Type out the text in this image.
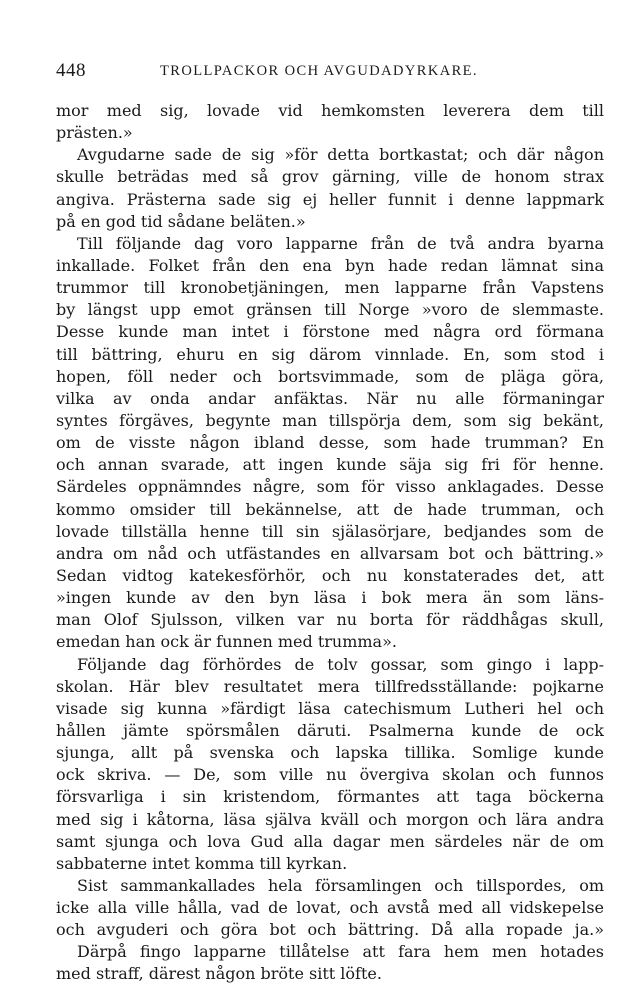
448	TROLLPACKOR OCH AVGUDADYRKARE.
mor med sig, lovade vid hemkomsten leverera dem till
prästen.»
Avgudarne sade de sig »för detta bortkastat; och där någon
skulle beträdas med så grov gärning, ville de honom strax
angiva. Prästerna sade sig ej heller funnit i denne lappmark
på en god tid sådane beläten.»
Till följande dag voro lapparne från de två andra byarna
inkallade. Folket från den ena byn hade redan lämnat sina
trummor till kronobetjäningen, men lapparne från Vapstens
by längst upp emot gränsen till Norge »voro de slemmaste.
Desse kunde man intet i förstone med några ord förmana
till bättring, ehuru en sig därom vinnlade. En, som stod i
hopen, föll neder och bortsvimmade, som de pläga göra,
vilka av onda andar anfäktas. När nu alle förmaningar
syntes förgäves, begynte man tillspörja dem, som sig bekänt,
om de visste någon ibland desse, som hade trumman? En
och annan svarade, att ingen kunde säja sig fri för henne.
Särdeles oppnämndes någre, som för visso anklagades. Desse
kommo omsider till bekännelse, att de hade trumman, och
lovade tillställa henne till sin själasörjare, bedjandes som de
andra om nåd och utfästandes en allvarsam bot och bättring.»
Sedan vidtog katekesförhör, och nu konstaterades det, att
»ingen kunde av den byn läsa i bok mera än som läns-
man Olof Sjulsson, vilken var nu borta för räddhågas skull,
emedan han ock är funnen med trumma».
Följande dag förhördes de tolv gossar, som gingo i lapp-
skolan. Här blev resultatet mera tillfredsställande: pojkarne
visade sig kunna »färdigt läsa catechismum Lutheri hel och
hållen jämte spörsmålen däruti. Psalmerna kunde de ock
sjunga, allt på svenska och lapska tillika. Somlige kunde
ock skriva. — De, som ville nu övergiva skolan och funnos
försvarliga i sin kristendom, förmantes att taga böckerna
med sig i kåtorna, läsa själva kväll och morgon och lära andra
samt sjunga och lova Gud alla dagar men särdeles när de om
sabbaterne intet komma till kyrkan.
Sist sammankallades hela församlingen och tillspordes, om
icke alla ville hålla, vad de lovat, och avstå med all vidskepelse
och avguderi och göra bot och bättring. Då alla ropade ja.»
Därpå fingo lapparne tillåtelse att fara hem men hotades
med straff, därest någon bröte sitt löfte.
